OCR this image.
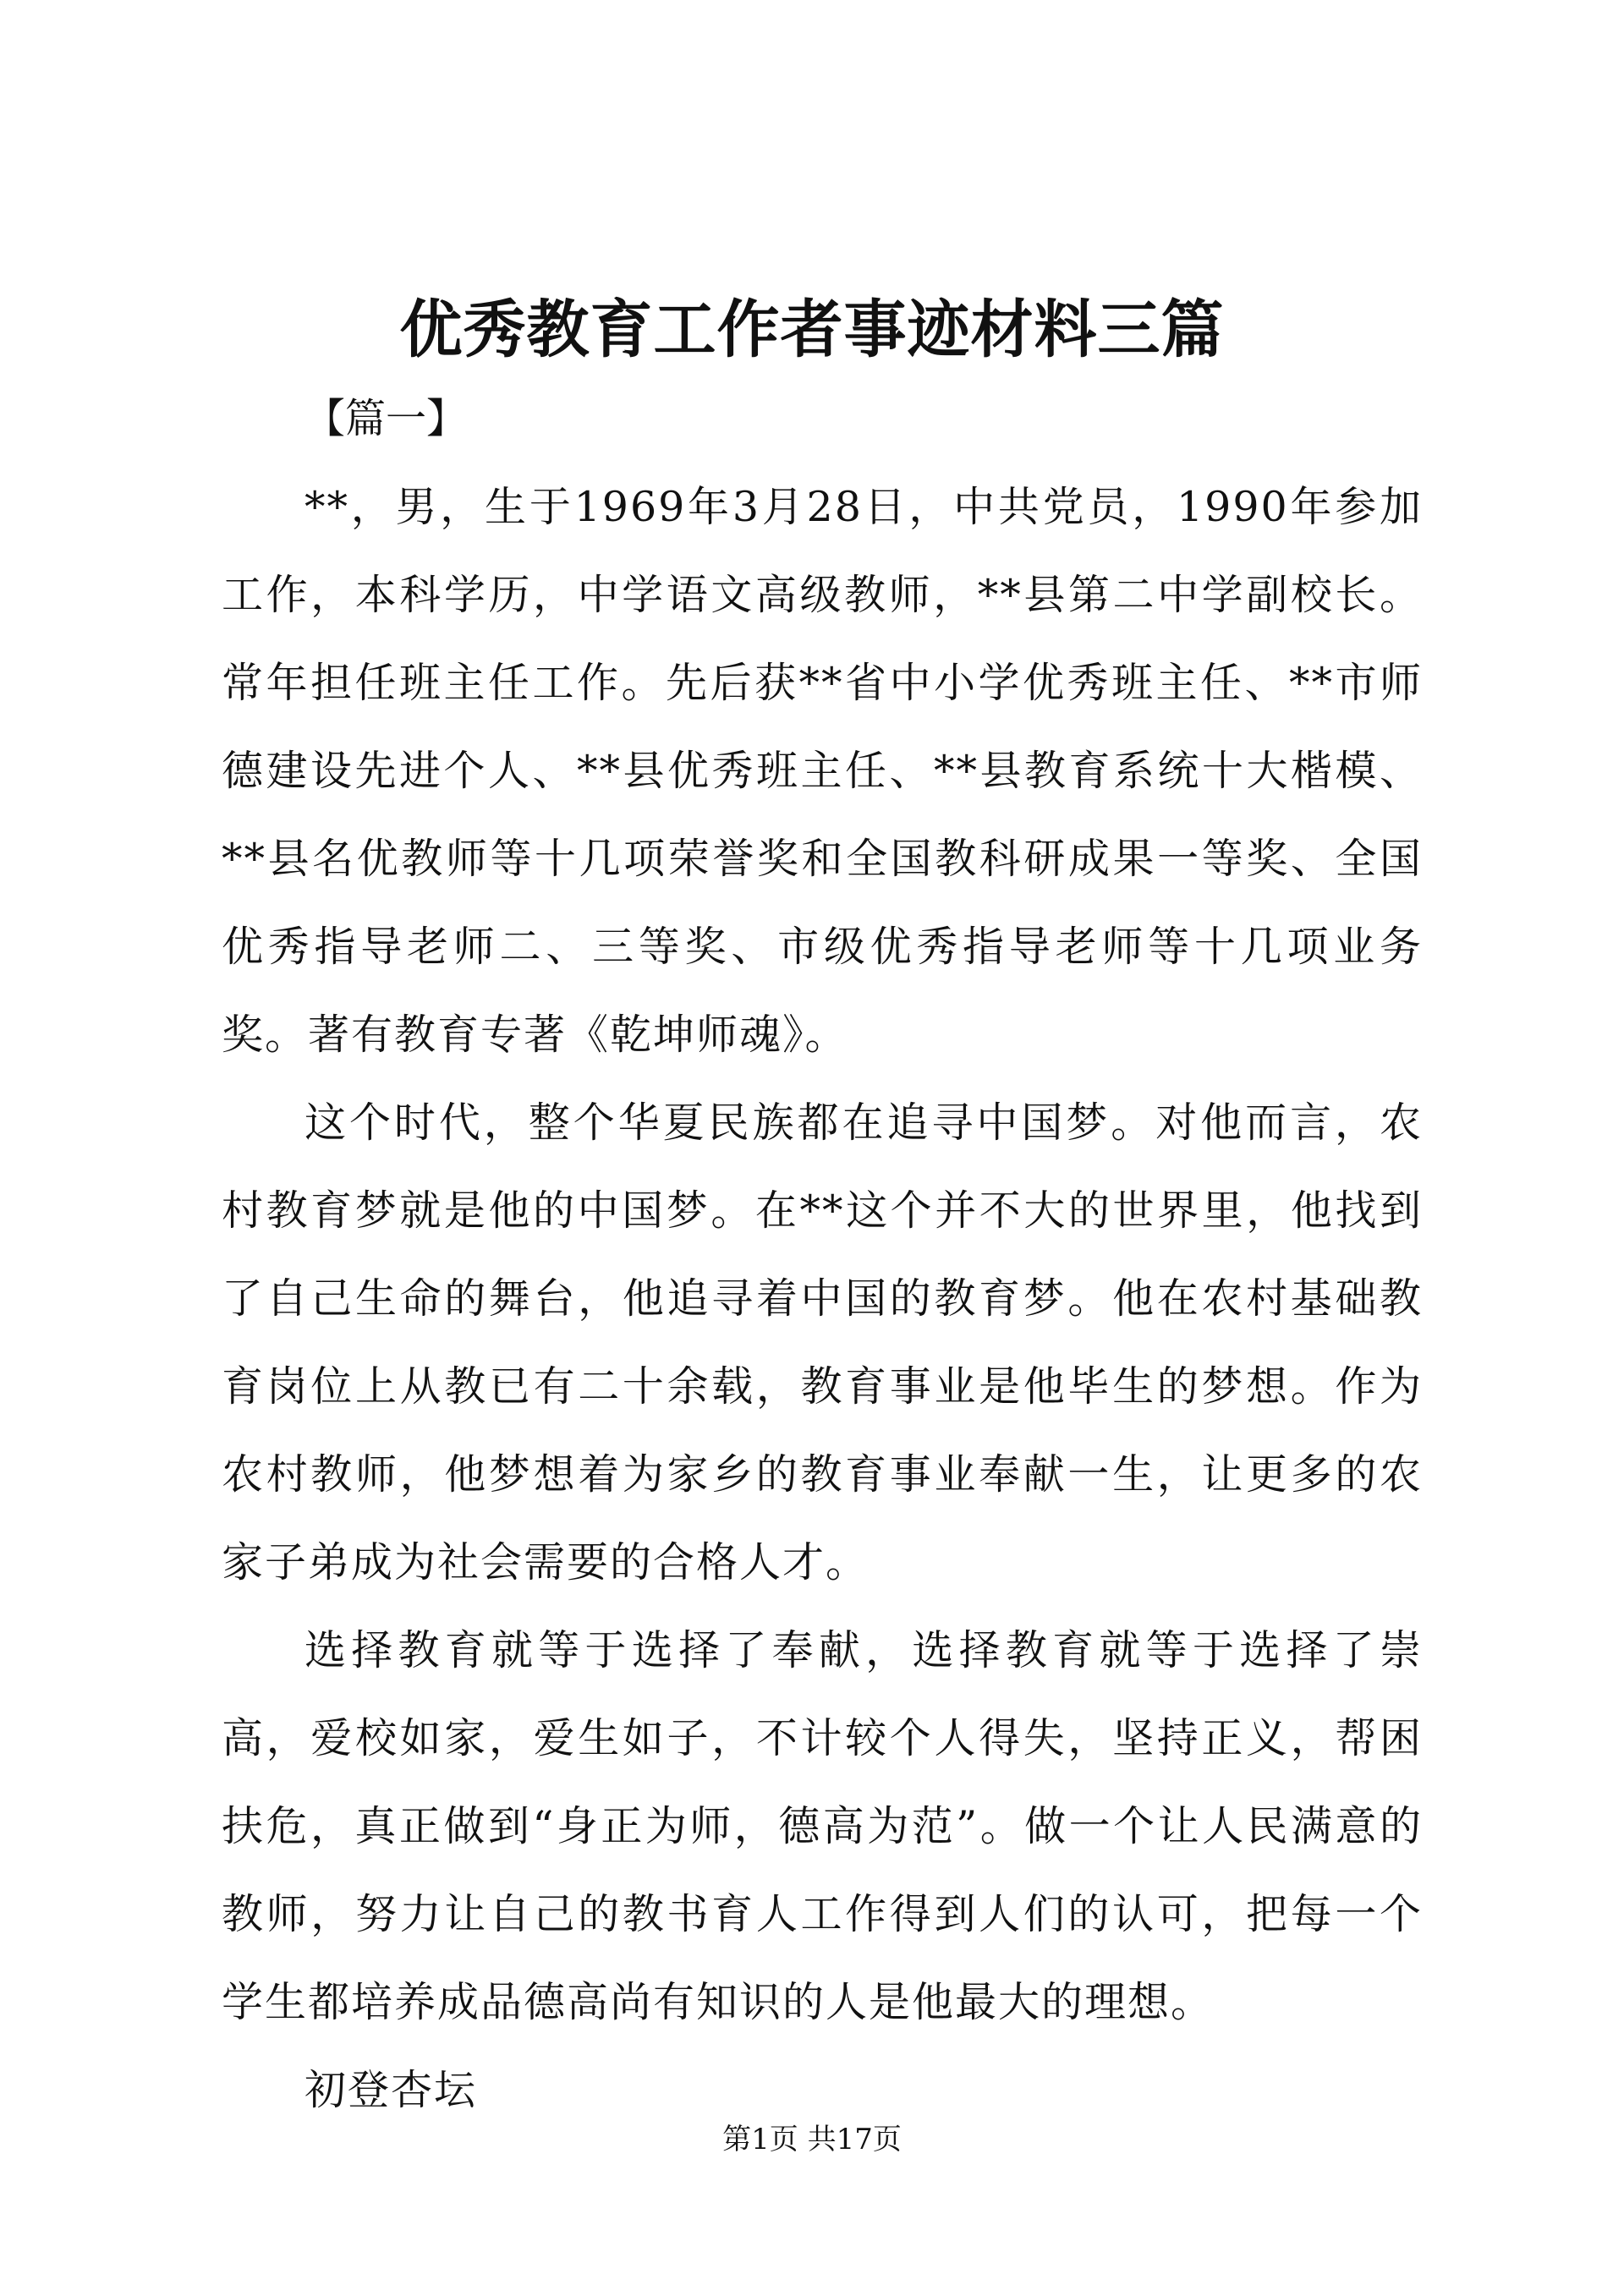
优秀教育工作者事迹材料三篇
【篇一】

**，男，生于1969年3月28日，中共党员，1990年参加工作，本科学历，中学语文高级教师，**县第二中学副校长。常年担任班主任工作。先后获**省中小学优秀班主任、**市师德建设先进个人、**县优秀班主任、**县教育系统十大楷模、**县名优教师等十几项荣誉奖和全国教科研成果一等奖、全国优秀指导老师二、三等奖、市级优秀指导老师等十几项业务奖。著有教育专著《乾坤师魂》。

这个时代，整个华夏民族都在追寻中国梦。对他而言，农村教育梦就是他的中国梦。在**这个并不大的世界里，他找到了自己生命的舞台，他追寻着中国的教育梦。他在农村基础教育岗位上从教已有二十余载，教育事业是他毕生的梦想。作为农村教师，他梦想着为家乡的教育事业奉献一生，让更多的农家子弟成为社会需要的合格人才。

选择教育就等于选择了奉献，选择教育就等于选择了崇高，爱校如家，爱生如子，不计较个人得失，坚持正义，帮困扶危，真正做到“身正为师，德高为范”。做一个让人民满意的教师，努力让自己的教书育人工作得到人们的认可，把每一个学生都培养成品德高尚有知识的人是他最大的理想。

初登杏坛

第1页 共17页
